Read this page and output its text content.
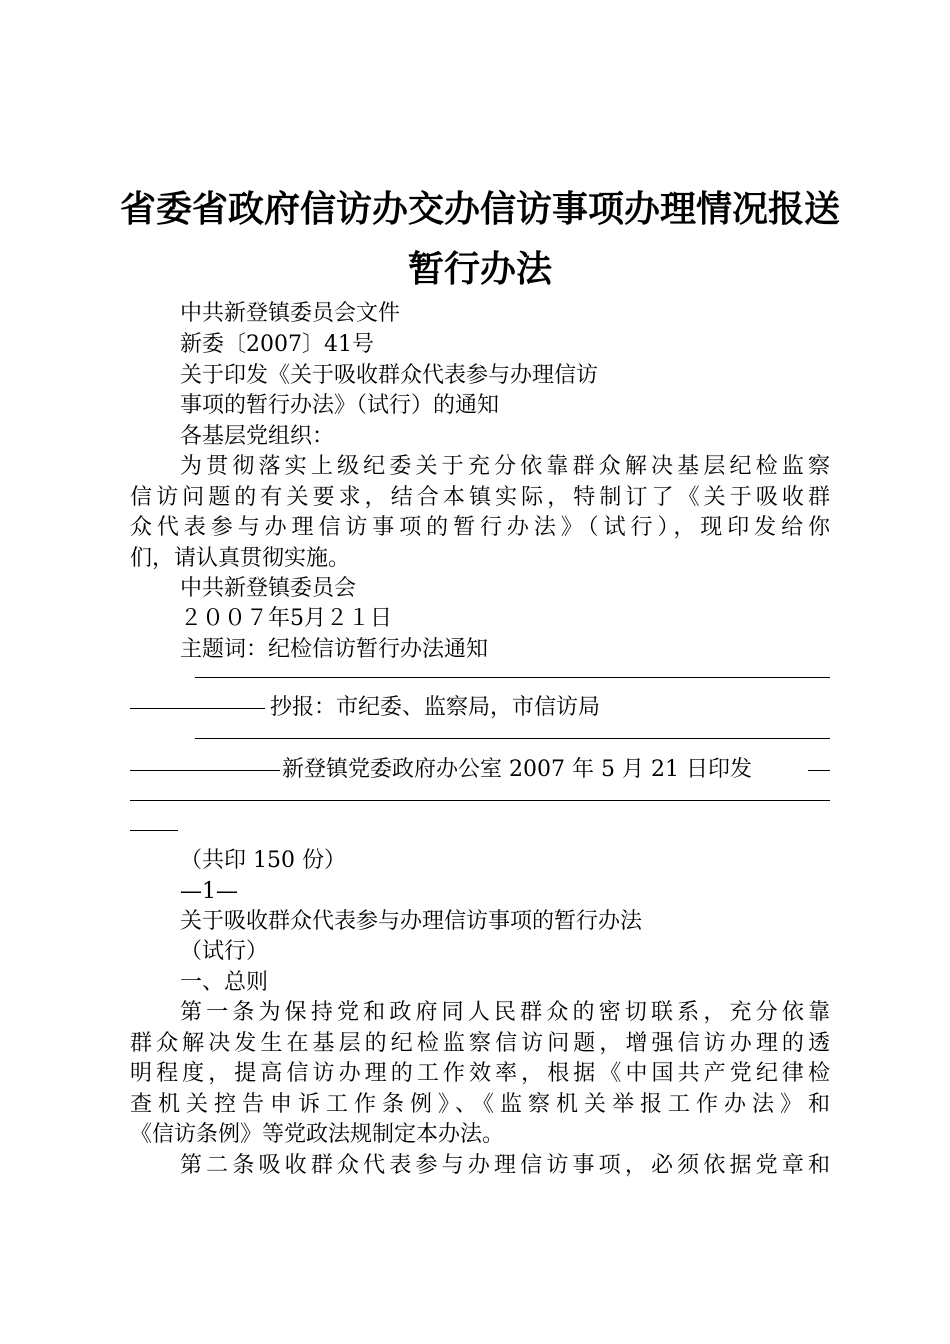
省委省政府信访办交办信访事项办理情况报送
暂行办法
中共新登镇委员会文件
新委〔2007〕41号
关于印发《关于吸收群众代表参与办理信访
事项的暂行办法》（试行）的通知
各基层党组织：
为贯彻落实上级纪委关于充分依靠群众解决基层纪检监察
信访问题的有关要求，结合本镇实际，特制订了《关于吸收群
众代表参与办理信访事项的暂行办法》（试行），现印发给你
们，请认真贯彻实施。
中共新登镇委员会
２００７年5月２１日
主题词：纪检信访暂行办法通知
抄报：市纪委、监察局，市信访局
新登镇党委政府办公室 2007 年 5 月 21 日印发
（共印 150 份）
—1—
关于吸收群众代表参与办理信访事项的暂行办法
（试行）
一、总则
第一条为保持党和政府同人民群众的密切联系，充分依靠
群众解决发生在基层的纪检监察信访问题，增强信访办理的透
明程度，提高信访办理的工作效率，根据《中国共产党纪律检
查机关控告申诉工作条例》、《监察机关举报工作办法》和
《信访条例》等党政法规制定本办法。
第二条吸收群众代表参与办理信访事项，必须依据党章和
